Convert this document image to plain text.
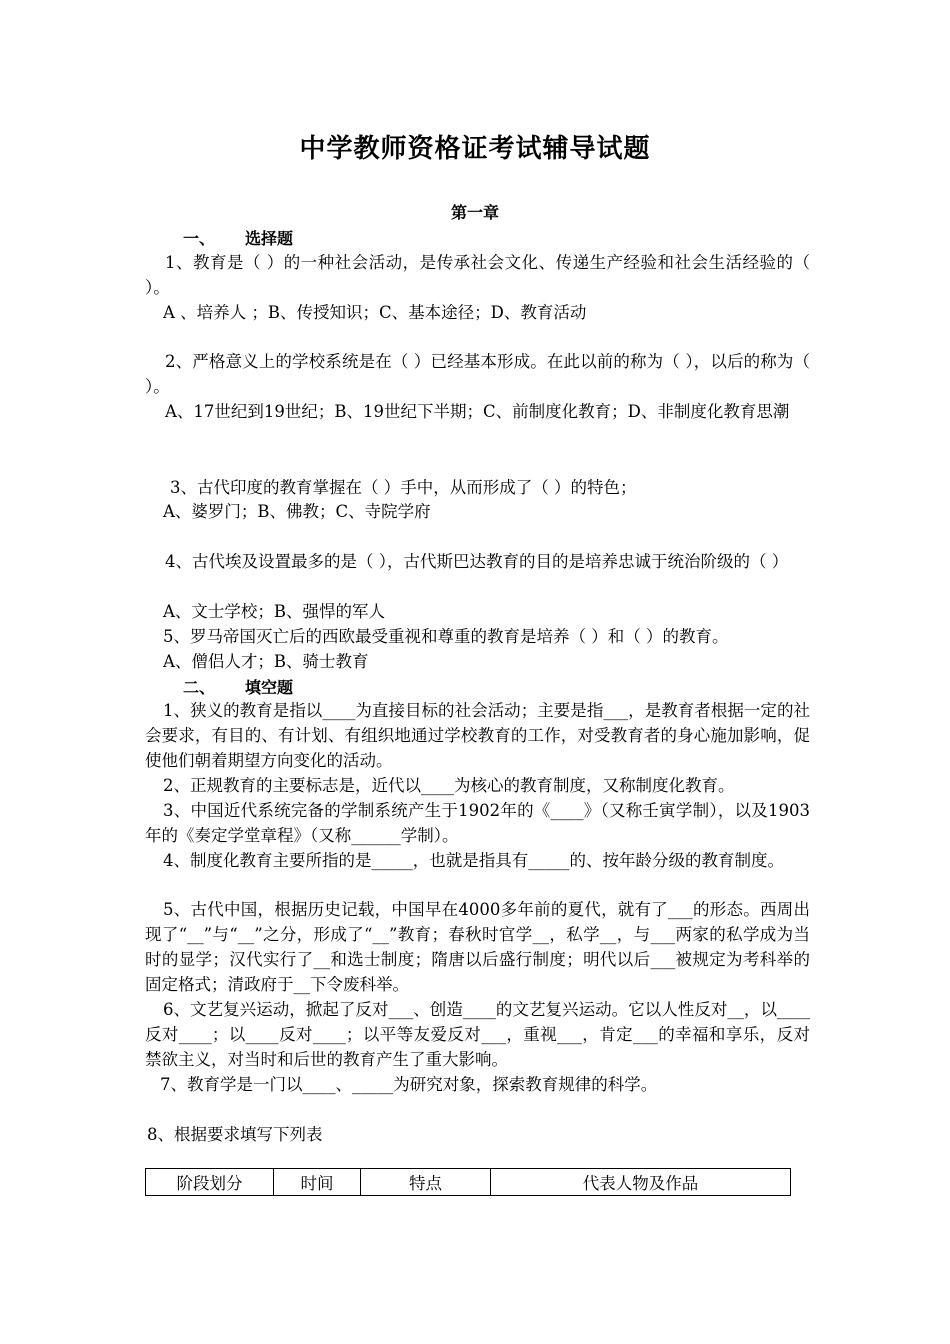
中学教师资格证考试辅导试题
第一章
一、 选择题
1、教育是（ ）的一种社会活动，是传承社会文化、传递生产经验和社会生活经验的（ ）。
A 、培养人 ；B、传授知识；C、基本途径；D、教育活动
2、严格意义上的学校系统是在（ ）已经基本形成。在此以前的称为（ ），以后的称为（ ）。
A、17世纪到19世纪；B、19世纪下半期；C、前制度化教育；D、非制度化教育思潮
3、古代印度的教育掌握在（ ）手中，从而形成了（ ）的特色；
A、婆罗门；B、佛教；C、寺院学府
4、古代埃及设置最多的是（ ），古代斯巴达教育的目的是培养忠诚于统治阶级的（ ）
A、文士学校；B、强悍的军人
5、罗马帝国灭亡后的西欧最受重视和尊重的教育是培养（ ）和（ ）的教育。
A、僧侣人才；B、骑士教育
二、 填空题
1、狭义的教育是指以____为直接目标的社会活动；主要是指___，是教育者根据一定的社会要求，有目的、有计划、有组织地通过学校教育的工作，对受教育者的身心施加影响，促使他们朝着期望方向变化的活动。
2、正规教育的主要标志是，近代以____为核心的教育制度，又称制度化教育。
3、中国近代系统完备的学制系统产生于1902年的《____》（又称壬寅学制），以及1903年的《奏定学堂章程》（又称______学制）。
4、制度化教育主要所指的是_____，也就是指具有_____的、按年龄分级的教育制度。
5、古代中国，根据历史记载，中国早在4000多年前的夏代，就有了___的形态。西周出现了“__”与“__”之分，形成了“__”教育；春秋时官学__，私学__，与___两家的私学成为当时的显学；汉代实行了__和选士制度；隋唐以后盛行制度；明代以后___被规定为考科举的固定格式；清政府于__下令废科举。
6、文艺复兴运动，掀起了反对___、创造____的文艺复兴运动。它以人性反对__，以____反对____；以____反对____；以平等友爱反对___，重视___，肯定___的幸福和享乐，反对禁欲主义，对当时和后世的教育产生了重大影响。
7、教育学是一门以____、_____为研究对象，探索教育规律的科学。
8、根据要求填写下列表
阶段划分	时间	特点	代表人物及作品
